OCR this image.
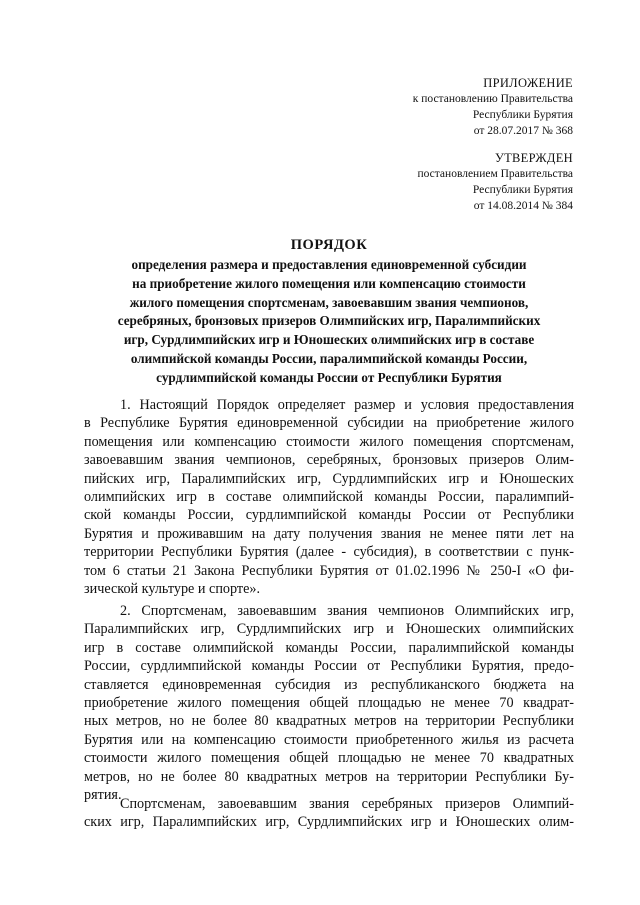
ПРИЛОЖЕНИЕ
к постановлению Правительства
Республики Бурятия
от 28.07.2017 № 368
УТВЕРЖДЕН
постановлением Правительства
Республики Бурятия
от 14.08.2014 № 384
ПОРЯДОК
определения размера и предоставления единовременной субсидии
на приобретение жилого помещения или компенсацию стоимости
жилого помещения спортсменам, завоевавшим звания чемпионов,
серебряных, бронзовых призеров Олимпийских игр, Паралимпийских
игр, Сурдлимпийских игр и Юношеских олимпийских игр в составе
олимпийской команды России, паралимпийской команды России,
сурдлимпийской команды России от Республики Бурятия
1. Настоящий Порядок определяет размер и условия предоставления
в Республике Бурятия единовременной субсидии на приобретение жилого
помещения или компенсацию стоимости жилого помещения спортсменам,
завоевавшим звания чемпионов, серебряных, бронзовых призеров Олим-
пийских игр, Паралимпийских игр, Сурдлимпийских игр и Юношеских
олимпийских игр в составе олимпийской команды России, паралимпий-
ской команды России, сурдлимпийской команды России от Республики
Бурятия и проживавшим на дату получения звания не менее пяти лет на
территории Республики Бурятия (далее - субсидия), в соответствии с пунк-
том 6 статьи 21 Закона Республики Бурятия от 01.02.1996 № 250-I «О фи-
зической культуре и спорте».
2. Спортсменам, завоевавшим звания чемпионов Олимпийских игр,
Паралимпийских игр, Сурдлимпийских игр и Юношеских олимпийских
игр в составе олимпийской команды России, паралимпийской команды
России, сурдлимпийской команды России от Республики Бурятия, предо-
ставляется единовременная субсидия из республиканского бюджета на
приобретение жилого помещения общей площадью не менее 70 квадрат-
ных метров, но не более 80 квадратных метров на территории Республики
Бурятия или на компенсацию стоимости приобретенного жилья из расчета
стоимости жилого помещения общей площадью не менее 70 квадратных
метров, но не более 80 квадратных метров на территории Республики Бу-
рятия.
Спортсменам, завоевавшим звания серебряных призеров Олимпий-
ских игр, Паралимпийских игр, Сурдлимпийских игр и Юношеских олим-
